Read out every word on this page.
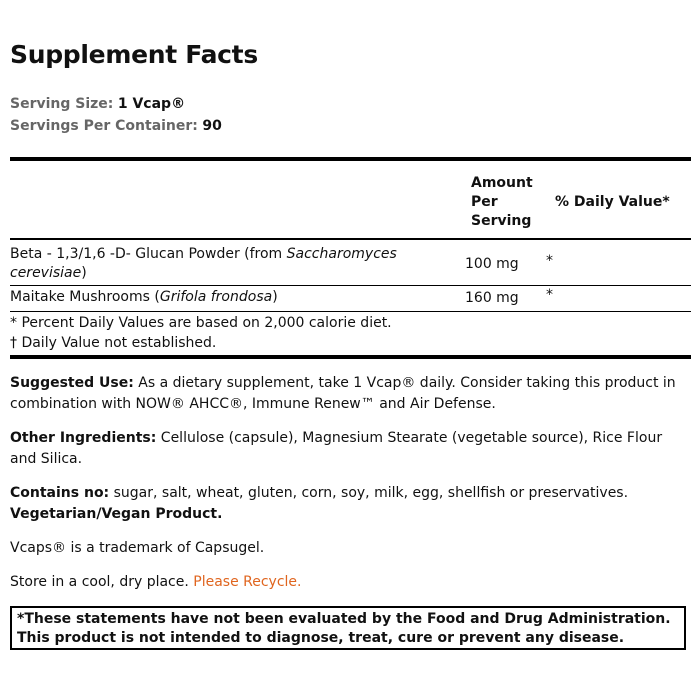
Supplement Facts
Serving Size: 1 Vcap®
Servings Per Container: 90
Amount
Per
Serving
% Daily Value*
Beta - 1,3/1,6 -D- Glucan Powder (from Saccharomyces
cerevisiae)
100 mg *
Maitake Mushrooms (Grifola frondosa)	160 mg *
* Percent Daily Values are based on 2,000 calorie diet.
† Daily Value not established.
Suggested Use: As a dietary supplement, take 1 Vcap® daily. Consider taking this product in combination with NOW® AHCC®, Immune Renew™ and Air Defense.
Other Ingredients: Cellulose (capsule), Magnesium Stearate (vegetable source), Rice Flour and Silica.
Contains no: sugar, salt, wheat, gluten, corn, soy, milk, egg, shellfish or preservatives. Vegetarian/Vegan Product.
Vcaps® is a trademark of Capsugel.
Store in a cool, dry place. Please Recycle.
*These statements have not been evaluated by the Food and Drug Administration.
This product is not intended to diagnose, treat, cure or prevent any disease.
